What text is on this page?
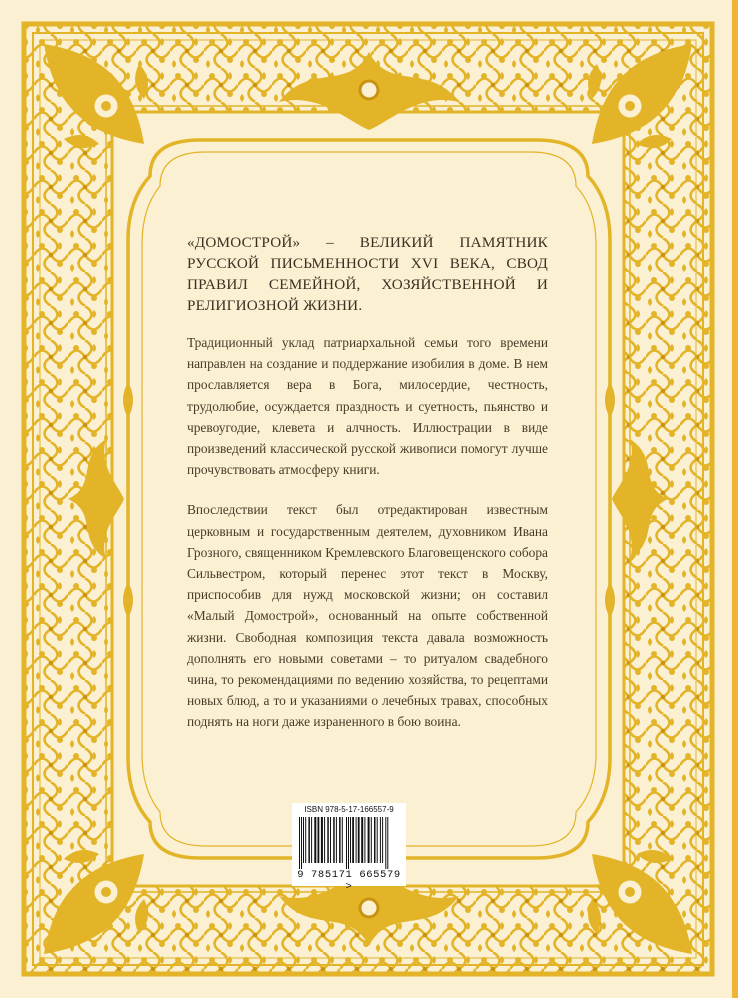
«ДОМОСТРОЙ» – ВЕЛИКИЙ ПАМЯТНИК РУССКОЙ ПИСЬМЕННОСТИ XVI ВЕКА, СВОД ПРАВИЛ СЕМЕЙНОЙ, ХОЗЯЙСТВЕННОЙ И РЕЛИГИОЗНОЙ ЖИЗНИ.

Традиционный уклад патриархальной семьи того времени направлен на создание и поддержание изобилия в доме. В нем прославляется вера в Бога, милосердие, честность, трудолюбие, осуждается праздность и суетность, пьянство и чревоугодие, клевета и алчность. Иллюстрации в виде произведений классической русской живописи помогут лучше прочувствовать атмосферу книги.

Впоследствии текст был отредактирован известным церковным и государственным деятелем, духовником Ивана Грозного, священником Кремлевского Благовещенского собора Сильвестром, который перенес этот текст в Москву, приспособив для нужд московской жизни; он составил «Малый Домострой», основанный на опыте собственной жизни. Свободная композиция текста давала возможность дополнять его новыми советами – то ритуалом свадебного чина, то рекомендациями по ведению хозяйства, то рецептами новых блюд, а то и указаниями о лечебных травах, способных поднять на ноги даже израненного в бою воина.

ISBN 978-5-17-166557-9
9 785171 665579 >
